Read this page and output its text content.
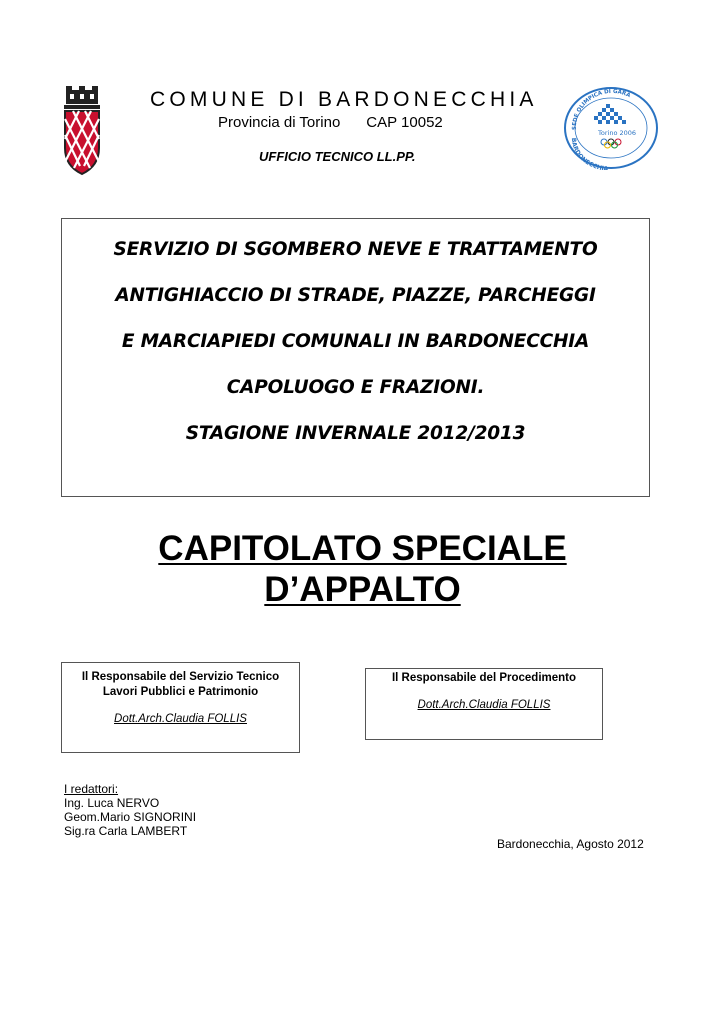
COMUNE DI BARDONECCHIA
Provincia di Torino CAP 10052
UFFICIO TECNICO LL.PP.
SEDE OLIMPICA DI GARA
Torino 2006
BARDONECCHIA
SERVIZIO DI SGOMBERO NEVE E TRATTAMENTO
ANTIGHIACCIO DI STRADE, PIAZZE, PARCHEGGI
E MARCIAPIEDI COMUNALI IN BARDONECCHIA
CAPOLUOGO E FRAZIONI.
STAGIONE INVERNALE 2012/2013
CAPITOLATO SPECIALE
D’APPALTO
Il Responsabile del Servizio Tecnico
Lavori Pubblici e Patrimonio
Dott.Arch.Claudia FOLLIS
Il Responsabile del Procedimento
Dott.Arch.Claudia FOLLIS
I redattori:
Ing. Luca NERVO
Geom.Mario SIGNORINI
Sig.ra Carla LAMBERT
Bardonecchia, Agosto 2012
